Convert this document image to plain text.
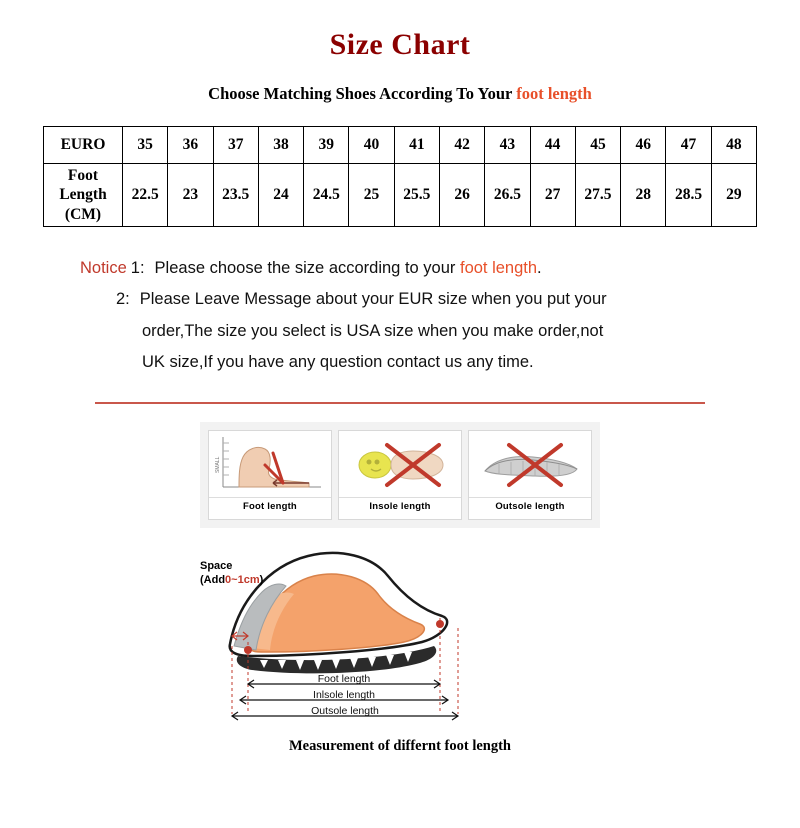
Size Chart
Choose Matching Shoes According To Your foot length
EURO	35	36	37	38	39	40	41	42	43	44	45	46	47	48

Foot
Length
(CM)	22.5	23	23.5	24	24.5	25	25.5	26	26.5	27	27.5	28	28.5	29
Notice 1: Please choose the size according to your foot length.
2: Please Leave Message about your EUR size when you put your
order,The size you select is USA size when you make order,not
UK size,If you have any question contact us any time.
SMALL
Foot length	Insole length	Outsole length
Space
(Add0~1cm)
Foot length
Inlsole length
Outsole length
Measurement of differnt foot length
